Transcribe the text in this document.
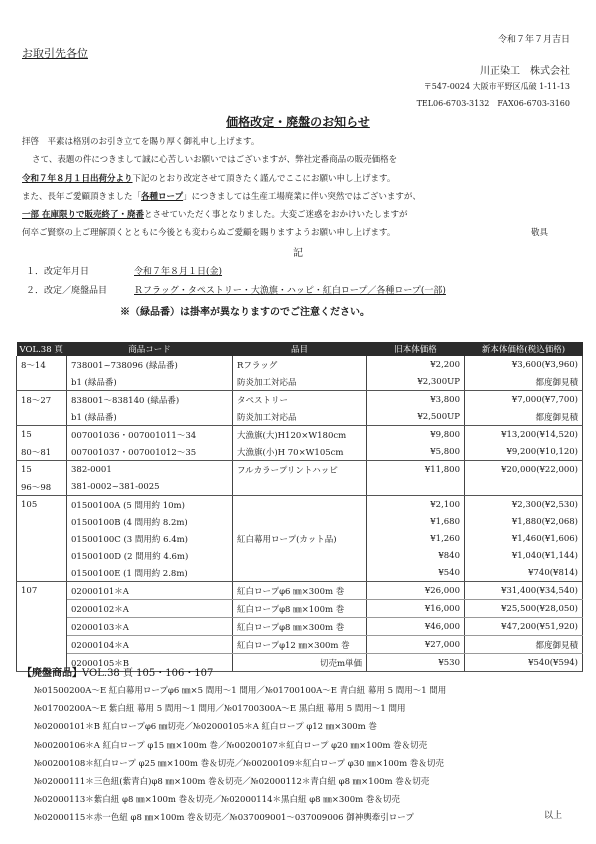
令和７年７月吉日
お取引先各位
川正染工　株式会社
〒547-0024 大阪市平野区瓜破 1-11-13
TEL06-6703-3132　FAX06-6703-3160
価格改定・廃盤のお知らせ
拝啓　平素は格別のお引き立てを賜り厚く御礼申し上げます。
さて、表題の件につきまして誠に心苦しいお願いではございますが、弊社定番商品の販売価格を
令和７年８月１日出荷分より下記のとおり改定させて頂きたく謹んでここにお願い申し上げます。
また、長年ご愛顧頂きました「各種ロープ」につきましては生産工場廃業に伴い突然ではございますが、
一部 在庫限りで販売終了・廃番とさせていただく事となりました。大変ご迷惑をおかけいたしますが
何卒ご賢察の上ご理解頂くとともに今後とも変わらぬご愛顧を賜りますようお願い申し上げます。	敬具
記
１．改定年月日	令和７年８月１日(金)
２．改定／廃盤品目	Ｒフラッグ・タペストリー・大漁旗・ハッピ・紅白ロープ／各種ロープ(一部)
※（緑品番）は掛率が異なりますのでご注意ください。
VOL.38 頁	商品コード	品目	旧本体価格	新本体価格(税込価格)
8～14	738001~738096 (緑品番)	Rフラッグ	¥2,200	¥3,600(¥3,960)
	b1 (緑品番)	防炎加工対応品	¥2,300UP	都度御見積
18～27	838001～838140 (緑品番)	タペストリー	¥3,800	¥7,000(¥7,700)
	b1 (緑品番)	防炎加工対応品	¥2,500UP	都度御見積
15	007001036・007001011～34	大漁旗(大)H120×W180cm	¥9,800	¥13,200(¥14,520)
80～81	007001037・007001012～35	大漁旗(小)H 70×W105cm	¥5,800	¥9,200(¥10,120)
15	382-0001	フルカラープリントハッピ	¥11,800	¥20,000(¥22,000)
96～98	381-0002~381-0025			
105	01500100A (5 間用約 10m)		¥2,100	¥2,300(¥2,530)
	01500100B (4 間用約 8.2m)		¥1,680	¥1,880(¥2,068)
	01500100C (3 間用約 6.4m)	紅白幕用ロープ(カット品)	¥1,260	¥1,460(¥1,606)
	01500100D (2 間用約 4.6m)		¥840	¥1,040(¥1,144)
	01500100E (1 間用約 2.8m)		¥540	¥740(¥814)
107	02000101＊A	紅白ロープφ6 ㎜×300m 巻	¥26,000	¥31,400(¥34,540)
	02000102＊A	紅白ロープφ8 ㎜×100m 巻	¥16,000	¥25,500(¥28,050)
	02000103＊A	紅白ロープφ8 ㎜×300m 巻	¥46,000	¥47,200(¥51,920)
	02000104＊A	紅白ロープφ12 ㎜×300m 巻	¥27,000	都度御見積
	02000105＊B	切売m単価	¥530	¥540(¥594)
【廃盤商品】VOL.38 頁 105・106・107
№01500200A～E 紅白幕用ロープφ6 ㎜×5 間用～1 間用／№01700100A～E 青白紐 幕用 5 間用～1 間用
№01700200A～E 紫白紐 幕用 5 間用～1 間用／№01700300A～E 黒白紐 幕用 5 間用～1 間用
№02000101＊B 紅白ロープφ6 ㎜切売／№02000105＊A 紅白ロープ φ12 ㎜×300m 巻
№00200106＊A 紅白ロープ φ15 ㎜×100m 巻／№00200107＊紅白ロープ φ20 ㎜×100m 巻＆切売
№00200108＊紅白ロープ φ25 ㎜×100m 巻＆切売／№00200109＊紅白ロープ φ30 ㎜×100m 巻＆切売
№02000111＊三色紐(紫青白)φ8 ㎜×100m 巻＆切売／№02000112＊青白紐 φ8 ㎜×100m 巻＆切売
№02000113＊紫白紐 φ8 ㎜×100m 巻＆切売／№02000114＊黒白紐 φ8 ㎜×300m 巻＆切売
№02000115＊赤一色紐 φ8 ㎜×100m 巻＆切売／№037009001～037009006 御神輿牽引ロープ	以上
